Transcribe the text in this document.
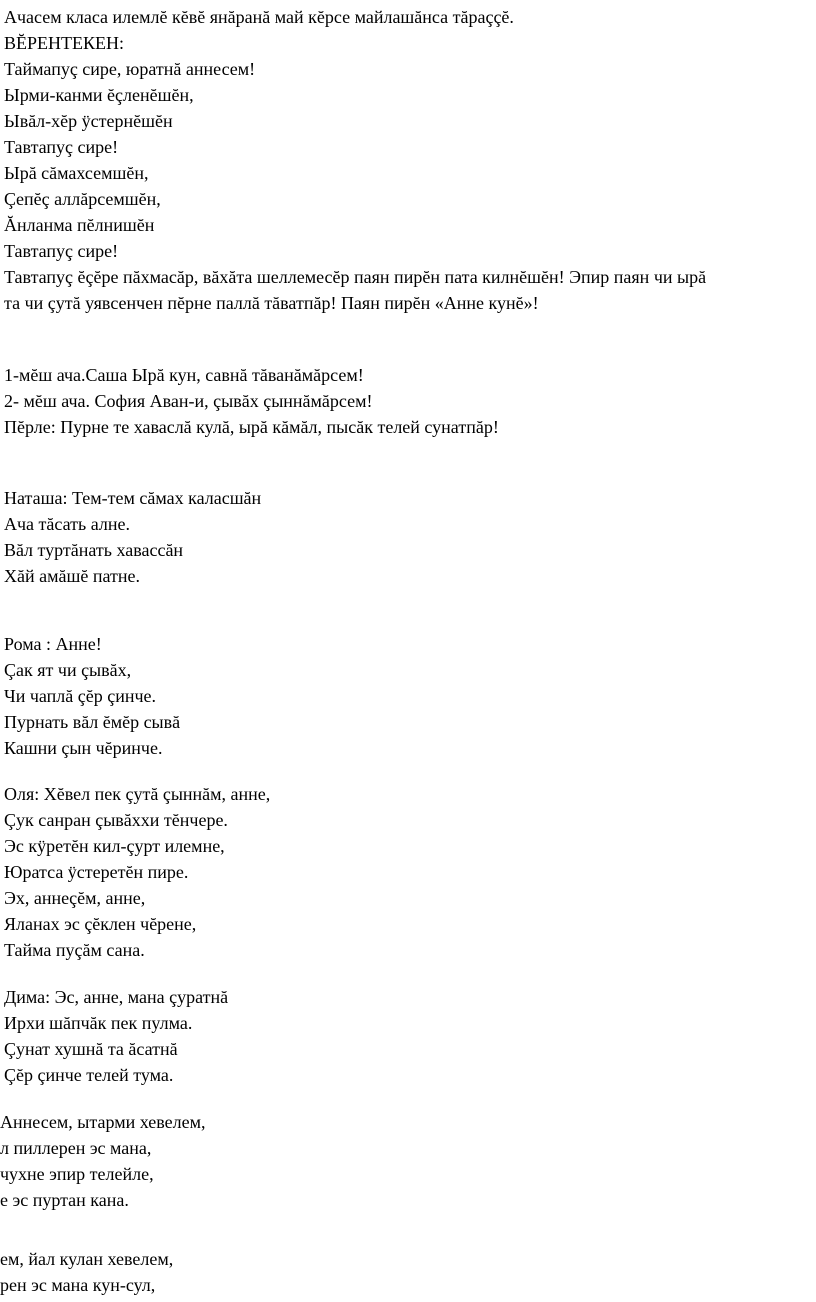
Ачасем класа илемлĕ кĕвĕ янăранă май кĕрсе майлашăнса тăраççĕ.
ВĔРЕНТЕКЕН:
Таймапуç сире, юратнă аннесем!
Ырми-канми ĕçленĕшĕн,
Ывăл-хĕр ÿстернĕшĕн
Тавтапуç сире!
Ырă сăмахсемшĕн,
Çепĕç аллăрсемшĕн,
Ăнланма пĕлнишĕн
Тавтапуç сире!
Тавтапуç ĕçĕре пăхмасăр, вăхăта шеллемесĕр паян пирĕн пата килнĕшĕн! Эпир паян чи ырă
та чи çутă уявсенчен пĕрне паллă тăватпăр! Паян пирĕн «Анне кунĕ»!
1-мĕш ача.Саша Ырă кун, савнă тăванăмăрсем!
2- мĕш ача. София Аван-и, çывăх çыннăмăрсем!
Пĕрле: Пурне те хаваслă кулă, ырă кăмăл, пысăк телей сунатпăр!
Наташа: Тем-тем сăмах каласшăн
Ача тăсать алне.
Вăл туртăнать хавассăн
Хăй амăшĕ патне.
Рома : Анне!
Çак ят чи çывăх,
Чи чаплă çĕр çинче.
Пурнать вăл ĕмĕр сывă
Кашни çын чĕринче.
Оля: Хĕвел пек çутă çыннăм, анне,
Çук санран çывăххи тĕнчере.
Эс кÿретĕн кил-çурт илемне,
Юратса ÿстеретĕн пире.
Эх, аннеçĕм, анне,
Яланах эс çĕклен чĕрене,
Тайма пуçăм сана.
Дима: Эс, анне, мана çуратнă
Ирхи шăпчăк пек пулма.
Çунат хушнă та ăсатнă
Çĕр çинче телей тума.
Аннесем, ытарми хевелем,
л пиллерен эс мана,
чухне эпир телейле,
е эс пуртан кана.
ем, йал кулан хевелем,
рен эс мана кун-сул,
